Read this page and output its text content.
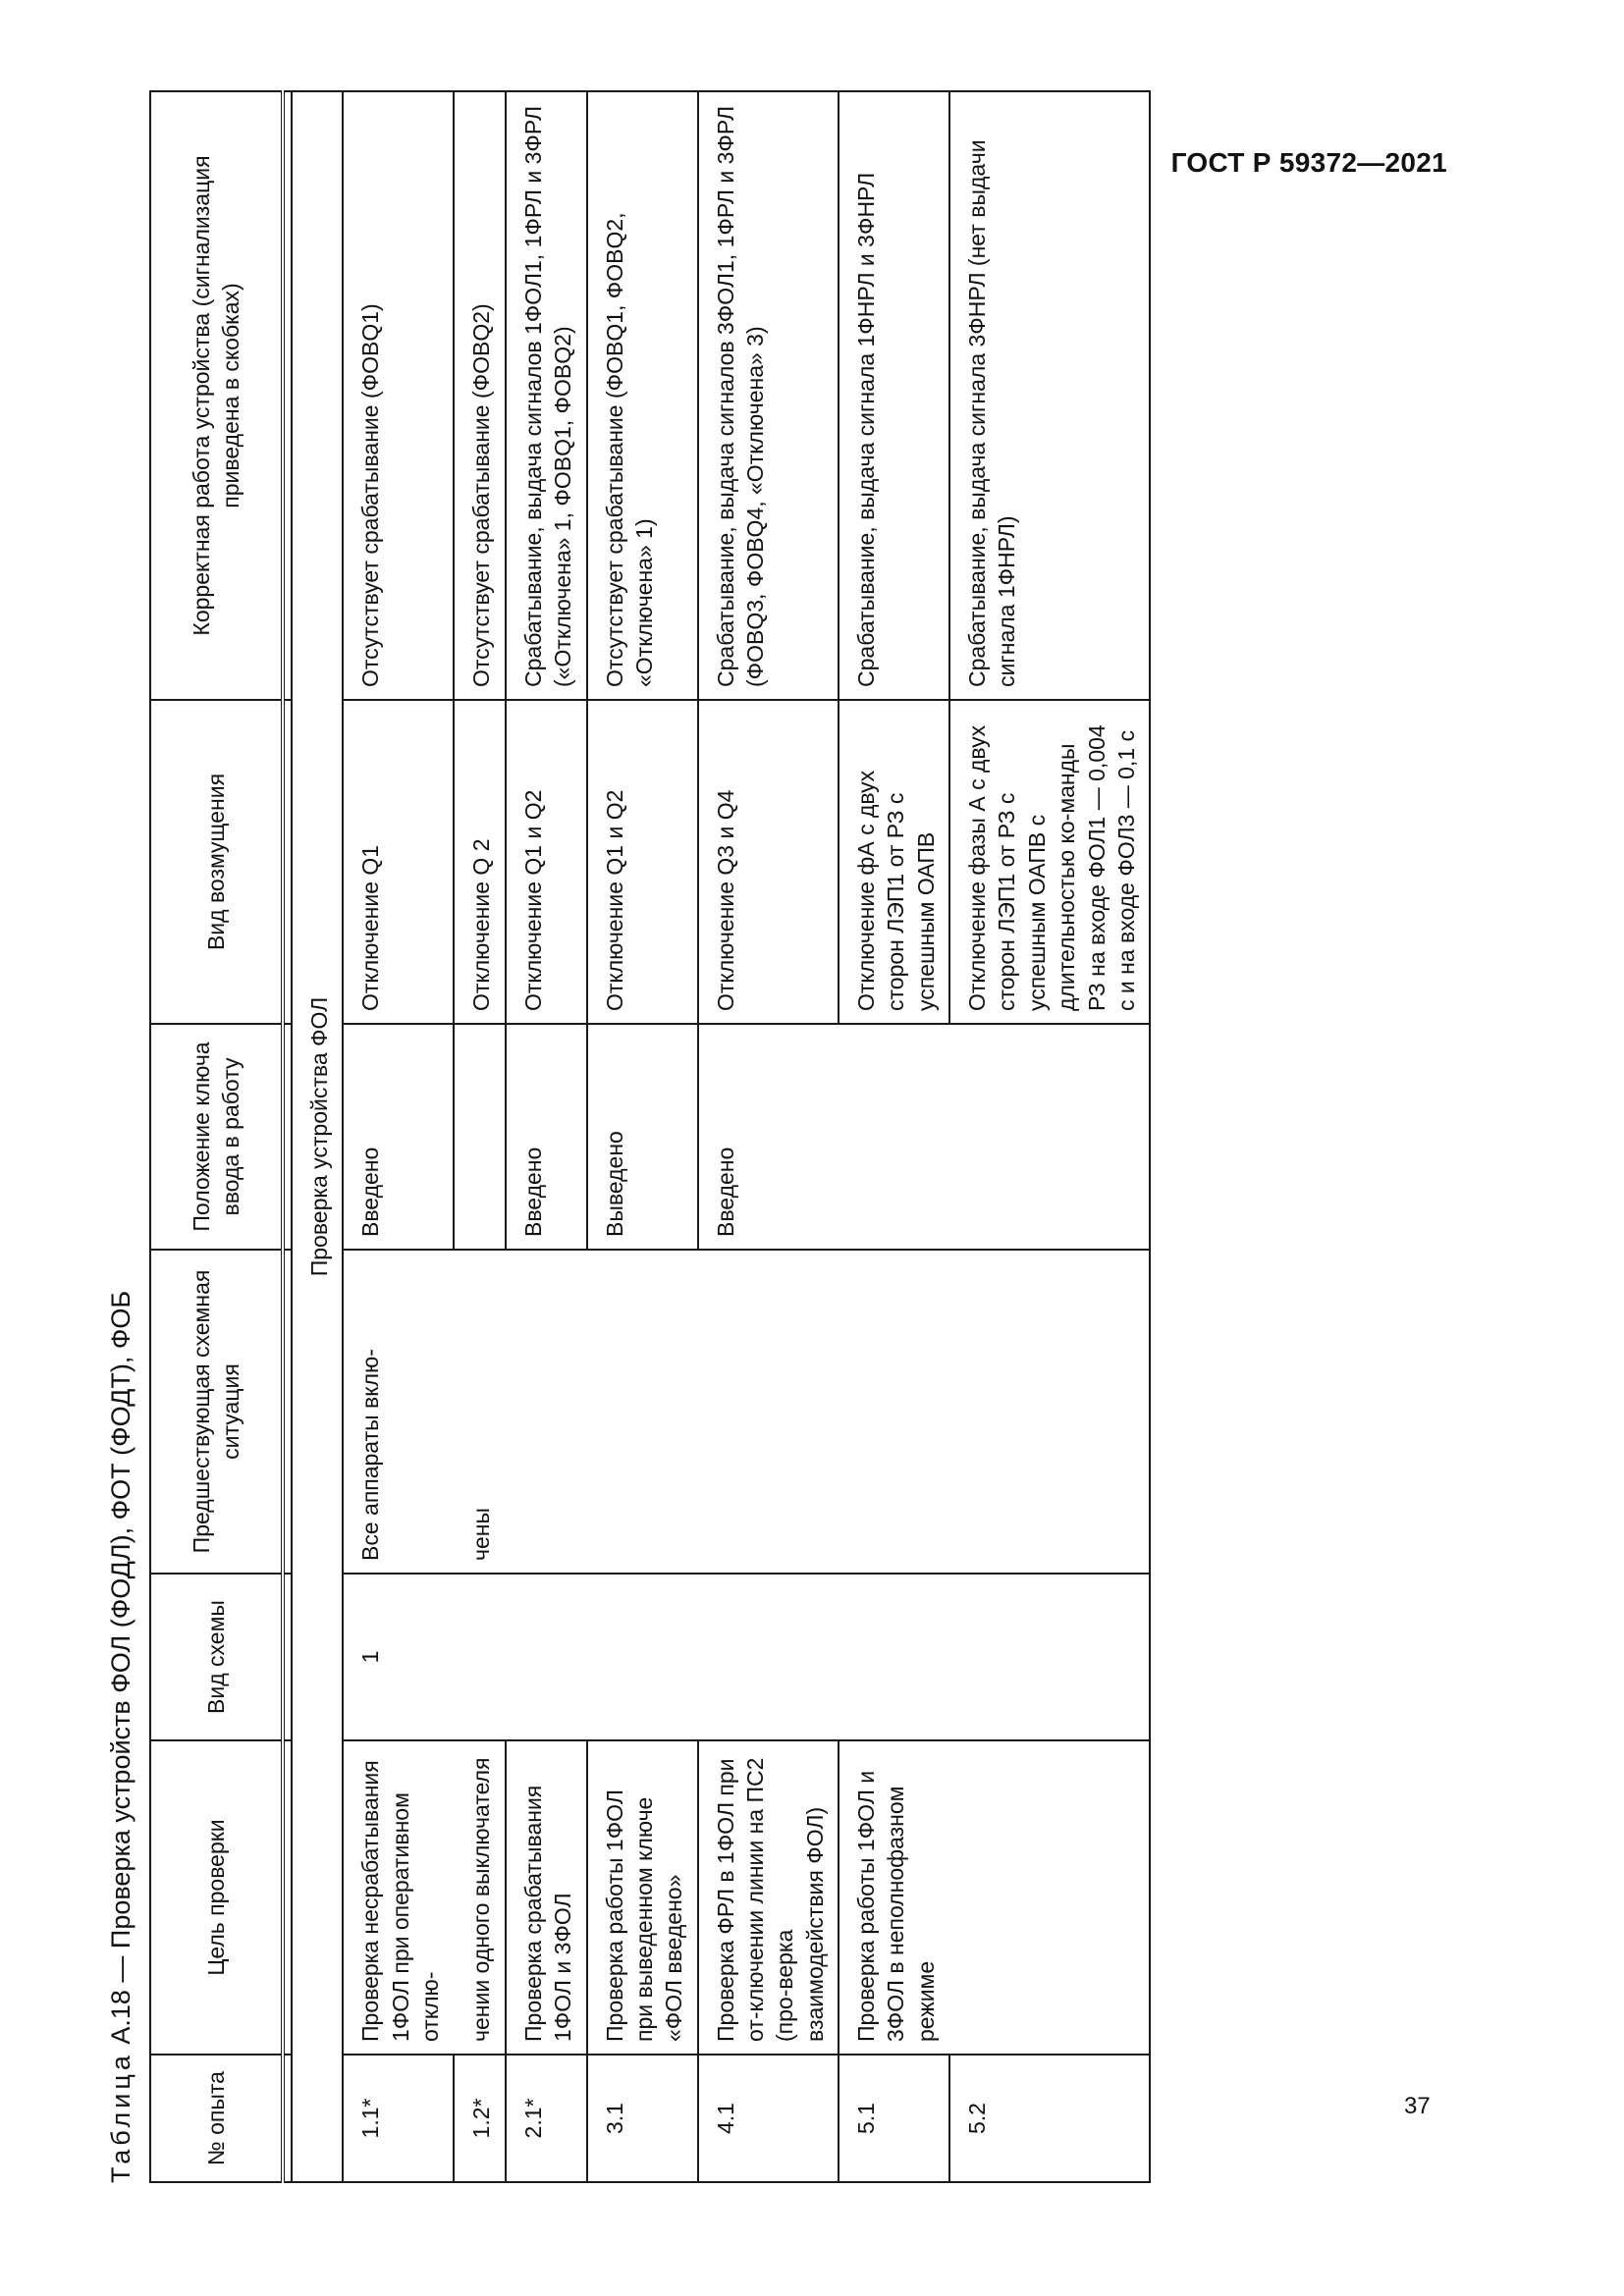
ГОСТ Р 59372—2021
Таблица А.18 — Проверка устройств ФОЛ (ФОДЛ), ФОТ (ФОДТ), ФОБ
№ опыта	Цель проверки	Вид схемы	Предшествующая схемная ситуация	Положение ключа ввода в работу	Вид возмущения	Корректная работа устройства (сигнализация приведена в скобках)

Проверка устройства ФОЛ						
1.1*	Проверка несрабатывания 1ФОЛ при оперативном отклю-	1	Все аппараты вклю-	Введено	Отключение Q1	Отсутствует срабатывание (ФОВQ1)
1.2*	чении одного выключателя		чены		Отключение Q 2	Отсутствует срабатывание (ФОВQ2)
2.1*	Проверка срабатывания 1ФОЛ и 3ФОЛ			Введено	Отключение Q1 и Q2	Срабатывание, выдача сигналов 1ФОЛ1, 1ФРЛ и 3ФРЛ («Отключена» 1, ФОВQ1, ФОВQ2)
3.1	Проверка работы 1ФОЛ при выведенном ключе «ФОЛ введено»			Выведено	Отключение Q1 и Q2	Отсутствует срабатывание (ФОВQ1, ФОВQ2, «Отключена» 1)
4.1	Проверка ФРЛ в 1ФОЛ при от-ключении линии на ПС2 (про-верка взаимодействия ФОЛ)			Введено	Отключение Q3 и Q4	Срабатывание, выдача сигналов 3ФОЛ1, 1ФРЛ и 3ФРЛ (ФОВQ3, ФОВQ4, «Отключена» 3)
5.1	Проверка работы 1ФОЛ и 3ФОЛ в неполнофазном режиме				Отключение фА с двух сторон ЛЭП1 от РЗ с успешным ОАПВ	Срабатывание, выдача сигнала 1ФНРЛ и 3ФНРЛ
5.2					Отключение фазы А с двух сторон ЛЭП1 от РЗ с успешным ОАПВ с длительностью ко-манды РЗ на входе ФОЛ1 — 0,004 с и на входе ФОЛ3 — 0,1 с	Срабатывание, выдача сигнала 3ФНРЛ (нет выдачи сигнала 1ФНРЛ)
37
